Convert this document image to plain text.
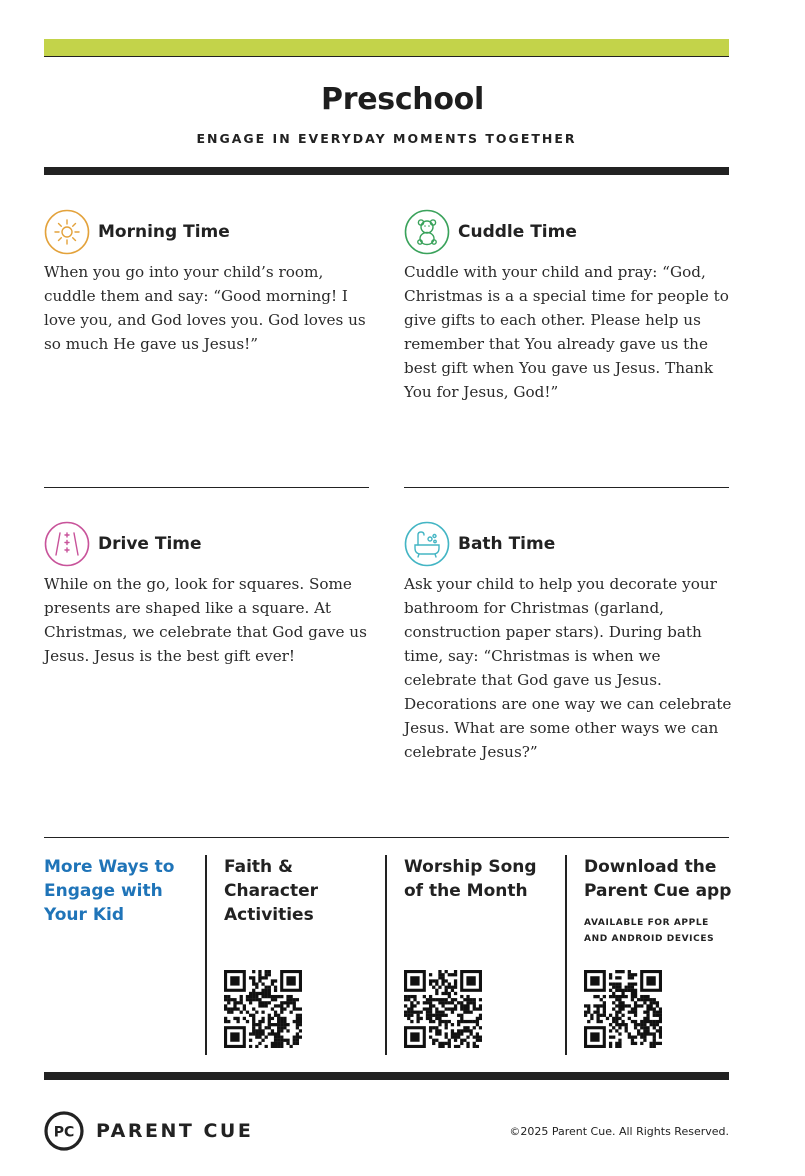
Preschool
ENGAGE IN EVERYDAY MOMENTS TOGETHER
Morning Time

When you go into your child’s room, cuddle them and say: “Good morning! I love you, and God loves you. God loves us so much He gave us Jesus!”

Cuddle Time

Cuddle with your child and pray: “God, Christmas is a a special time for people to give gifts to each other. Please help us remember that You already gave us the best gift when You gave us Jesus. Thank You for Jesus, God!”

Drive Time

While on the go, look for squares. Some presents are shaped like a square. At Christmas, we celebrate that God gave us Jesus. Jesus is the best gift ever!

Bath Time

Ask your child to help you decorate your bathroom for Christmas (garland, construction paper stars). During bath time, say: “Christmas is when we celebrate that God gave us Jesus. Decorations are one way we can celebrate Jesus. What are some other ways we can celebrate Jesus?”

More Ways to Engage with Your Kid
Faith & Character Activities
Worship Song of the Month
Download the Parent Cue app
AVAILABLE FOR APPLE AND ANDROID DEVICES
PC PARENT CUE	©2025 Parent Cue. All Rights Reserved.
